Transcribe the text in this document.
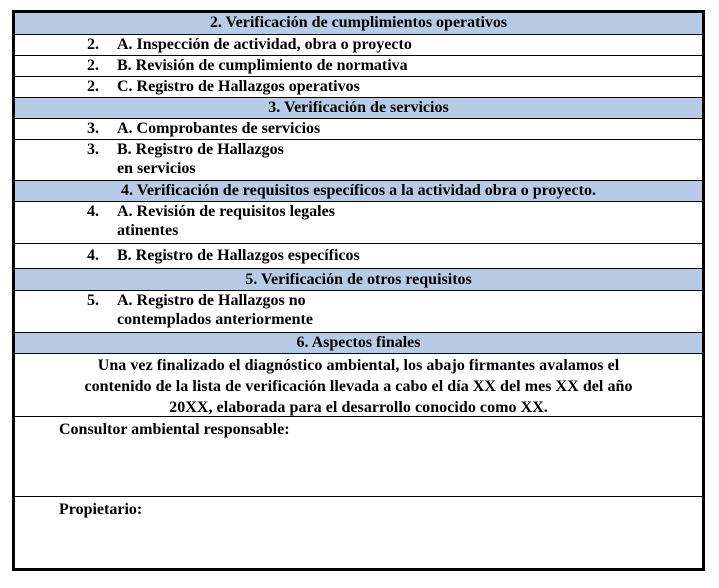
2. Verificación de cumplimientos operativos
2. A. Inspección de actividad, obra o proyecto
2. B. Revisión de cumplimiento de normativa
2. C. Registro de Hallazgos operativos
3. Verificación de servicios
3. A. Comprobantes de servicios
3.B. Registro de Hallazgos
en servicios
4. Verificación de requisitos específicos a la actividad obra o proyecto.
4. A. Revisión de requisitos legales
atinentes
4. B. Registro de Hallazgos específicos
5. Verificación de otros requisitos
5. A. Registro de Hallazgos no
contemplados anteriormente
6. Aspectos finales
Una vez finalizado el diagnóstico ambiental, los abajo firmantes avalamos el
contenido de la lista de verificación llevada a cabo el día XX del mes XX del año
20XX, elaborada para el desarrollo conocido como XX.
Consultor ambiental responsable:
Propietario:
